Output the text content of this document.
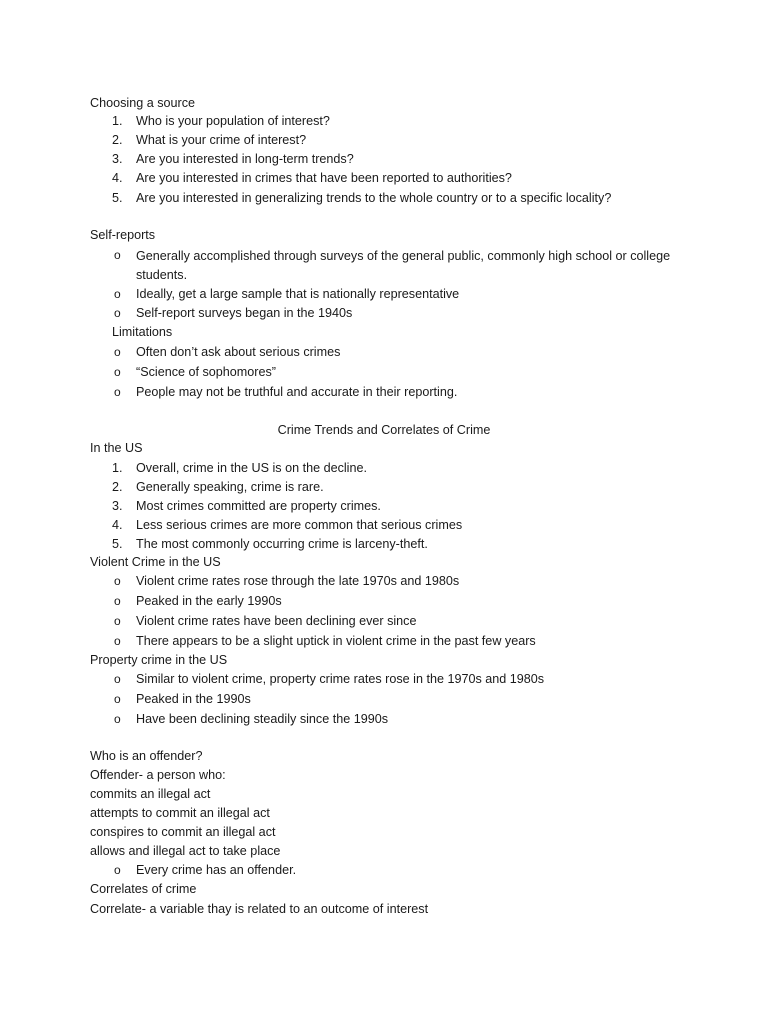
Choosing a source
1. Who is your population of interest?
2. What is your crime of interest?
3. Are you interested in long-term trends?
4. Are you interested in crimes that have been reported to authorities?
5. Are you interested in generalizing trends to the whole country or to a specific locality?
Self-reports
o Generally accomplished through surveys of the general public, commonly high school or college students.
o Ideally, get a large sample that is nationally representative
o Self-report surveys began in the 1940s
Limitations
o Often don’t ask about serious crimes
o “Science of sophomores”
o People may not be truthful and accurate in their reporting.
Crime Trends and Correlates of Crime
In the US
1. Overall, crime in the US is on the decline.
2. Generally speaking, crime is rare.
3. Most crimes committed are property crimes.
4. Less serious crimes are more common that serious crimes
5. The most commonly occurring crime is larceny-theft.
Violent Crime in the US
o Violent crime rates rose through the late 1970s and 1980s
o Peaked in the early 1990s
o Violent crime rates have been declining ever since
o There appears to be a slight uptick in violent crime in the past few years
Property crime in the US
o Similar to violent crime, property crime rates rose in the 1970s and 1980s
o Peaked in the 1990s
o Have been declining steadily since the 1990s
Who is an offender?
Offender- a person who:
commits an illegal act
attempts to commit an illegal act
conspires to commit an illegal act
allows and illegal act to take place
o Every crime has an offender.
Correlates of crime
Correlate- a variable thay is related to an outcome of interest
